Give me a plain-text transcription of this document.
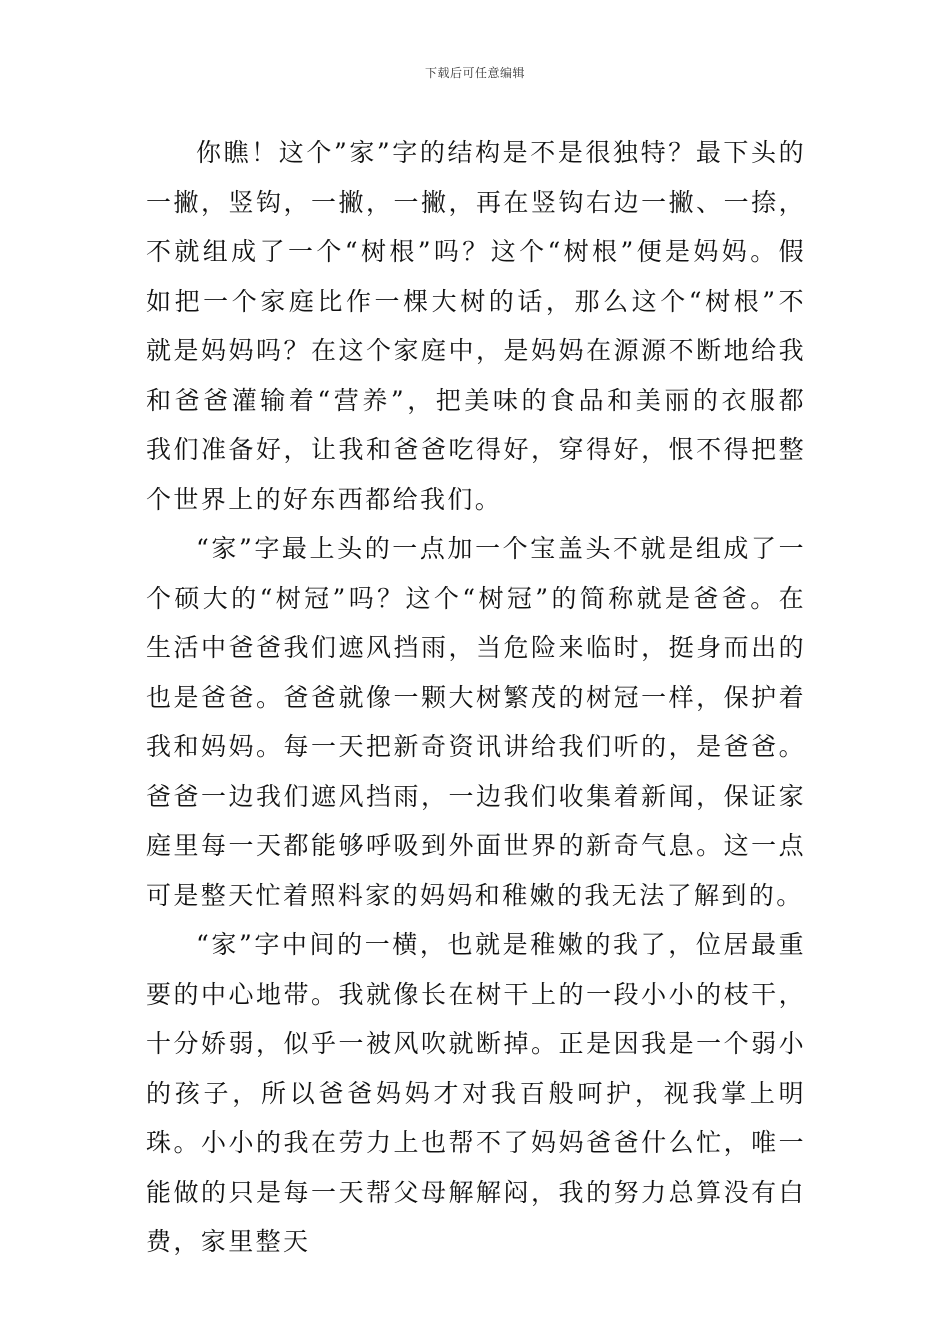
下载后可任意编辑

你瞧！这个”家”字的结构是不是很独特？最下头的一撇，竖钩，一撇，一撇，再在竖钩右边一撇、一捺，不就组成了一个“树根”吗？这个“树根”便是妈妈。假如把一个家庭比作一棵大树的话，那么这个“树根”不就是妈妈吗？在这个家庭中，是妈妈在源源不断地给我和爸爸灌输着“营养”，把美味的食品和美丽的衣服都我们准备好，让我和爸爸吃得好，穿得好，恨不得把整个世界上的好东西都给我们。

“家”字最上头的一点加一个宝盖头不就是组成了一个硕大的“树冠”吗？这个“树冠”的简称就是爸爸。在生活中爸爸我们遮风挡雨，当危险来临时，挺身而出的也是爸爸。爸爸就像一颗大树繁茂的树冠一样，保护着我和妈妈。每一天把新奇资讯讲给我们听的，是爸爸。爸爸一边我们遮风挡雨，一边我们收集着新闻，保证家庭里每一天都能够呼吸到外面世界的新奇气息。这一点可是整天忙着照料家的妈妈和稚嫩的我无法了解到的。

“家”字中间的一横，也就是稚嫩的我了，位居最重要的中心地带。我就像长在树干上的一段小小的枝干，十分娇弱，似乎一被风吹就断掉。正是因我是一个弱小的孩子，所以爸爸妈妈才对我百般呵护，视我掌上明珠。小小的我在劳力上也帮不了妈妈爸爸什么忙，唯一能做的只是每一天帮父母解解闷，我的努力总算没有白费，家里整天
